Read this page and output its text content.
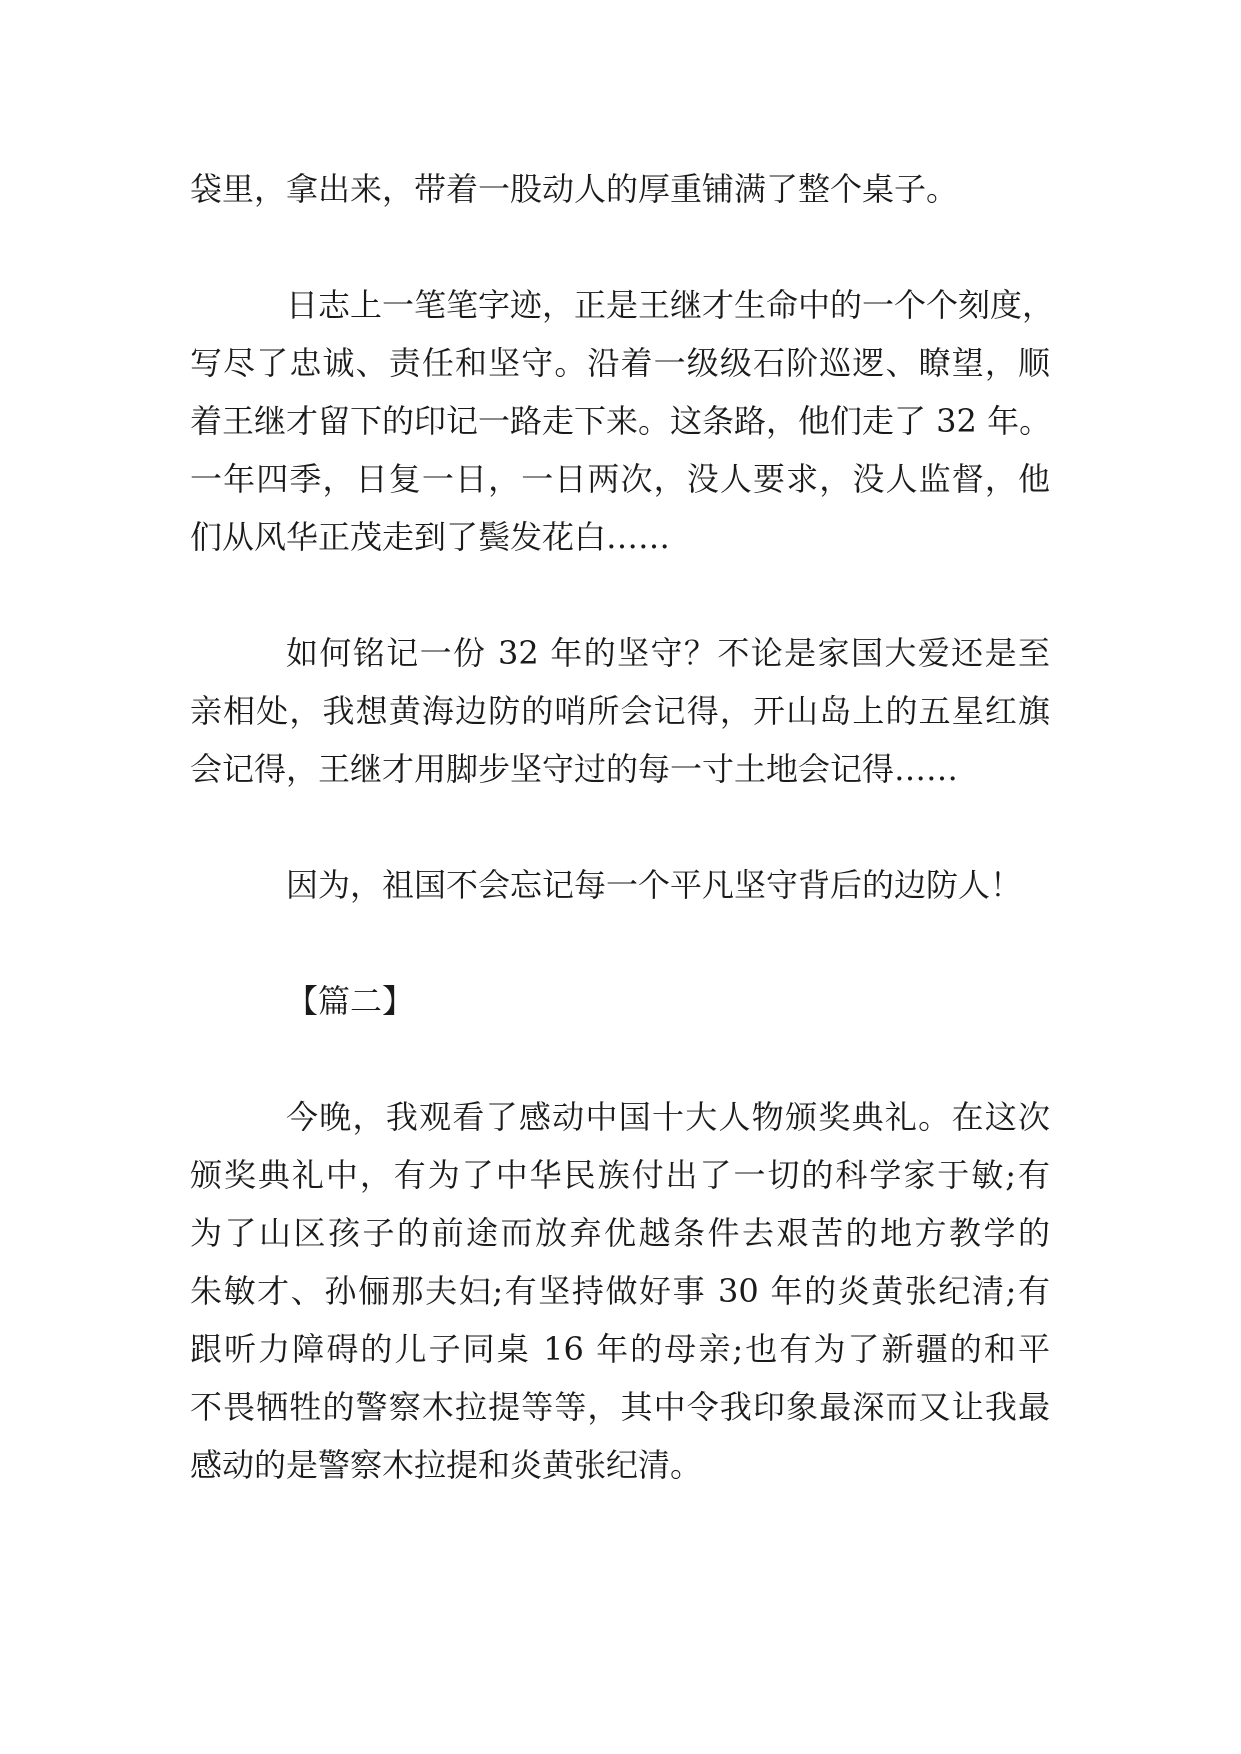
袋里，拿出来，带着一股动人的厚重铺满了整个桌子。

日志上一笔笔字迹，正是王继才生命中的一个个刻度，
写尽了忠诚、责任和坚守。沿着一级级石阶巡逻、瞭望，顺
着王继才留下的印记一路走下来。这条路，他们走了 32 年。
一年四季，日复一日，一日两次，没人要求，没人监督，他
们从风华正茂走到了鬓发花白……

如何铭记一份 32 年的坚守？不论是家国大爱还是至
亲相处，我想黄海边防的哨所会记得，开山岛上的五星红旗
会记得，王继才用脚步坚守过的每一寸土地会记得……

因为，祖国不会忘记每一个平凡坚守背后的边防人！

【篇二】

今晚，我观看了感动中国十大人物颁奖典礼。在这次
颁奖典礼中，有为了中华民族付出了一切的科学家于敏;有
为了山区孩子的前途而放弃优越条件去艰苦的地方教学的
朱敏才、孙俪那夫妇;有坚持做好事 30 年的炎黄张纪清;有
跟听力障碍的儿子同桌 16 年的母亲;也有为了新疆的和平
不畏牺牲的警察木拉提等等，其中令我印象最深而又让我最
感动的是警察木拉提和炎黄张纪清。
